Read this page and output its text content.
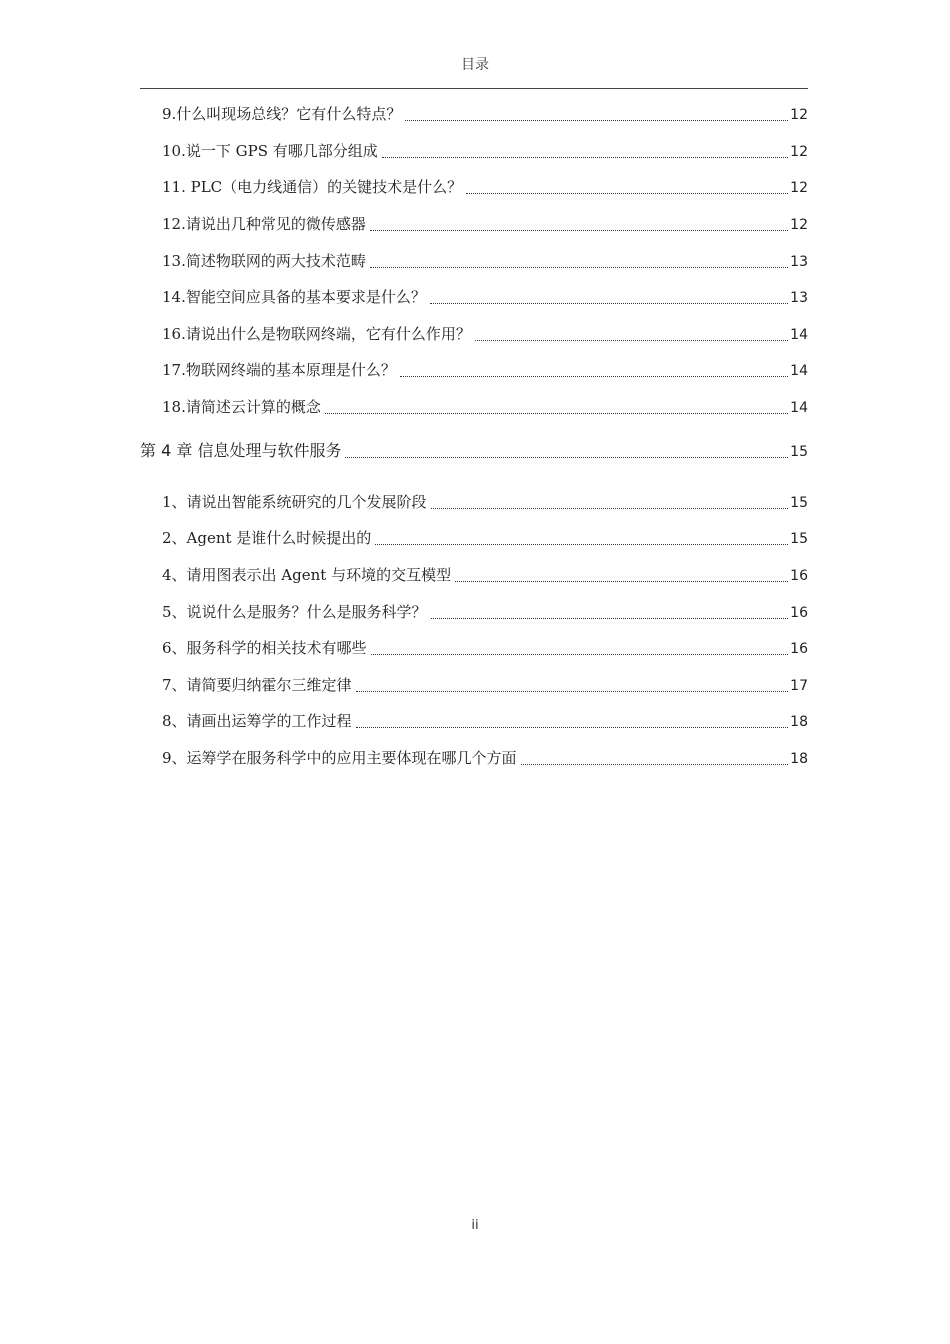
目录
9.什么叫现场总线？它有什么特点？	12
10.说一下 GPS 有哪几部分组成	12
11. PLC（电力线通信）的关键技术是什么？	12
12.请说出几种常见的微传感器	12
13.简述物联网的两大技术范畴	13
14.智能空间应具备的基本要求是什么？	13
16.请说出什么是物联网终端，它有什么作用？	14
17.物联网终端的基本原理是什么？	14
18.请简述云计算的概念	14
第 4 章 信息处理与软件服务	15
1、请说出智能系统研究的几个发展阶段	15
2、Agent 是谁什么时候提出的	15
4、请用图表示出 Agent 与环境的交互模型	16
5、说说什么是服务？什么是服务科学？	16
6、服务科学的相关技术有哪些	16
7、请简要归纳霍尔三维定律	17
8、请画出运筹学的工作过程	18
9、运筹学在服务科学中的应用主要体现在哪几个方面	18
ii
